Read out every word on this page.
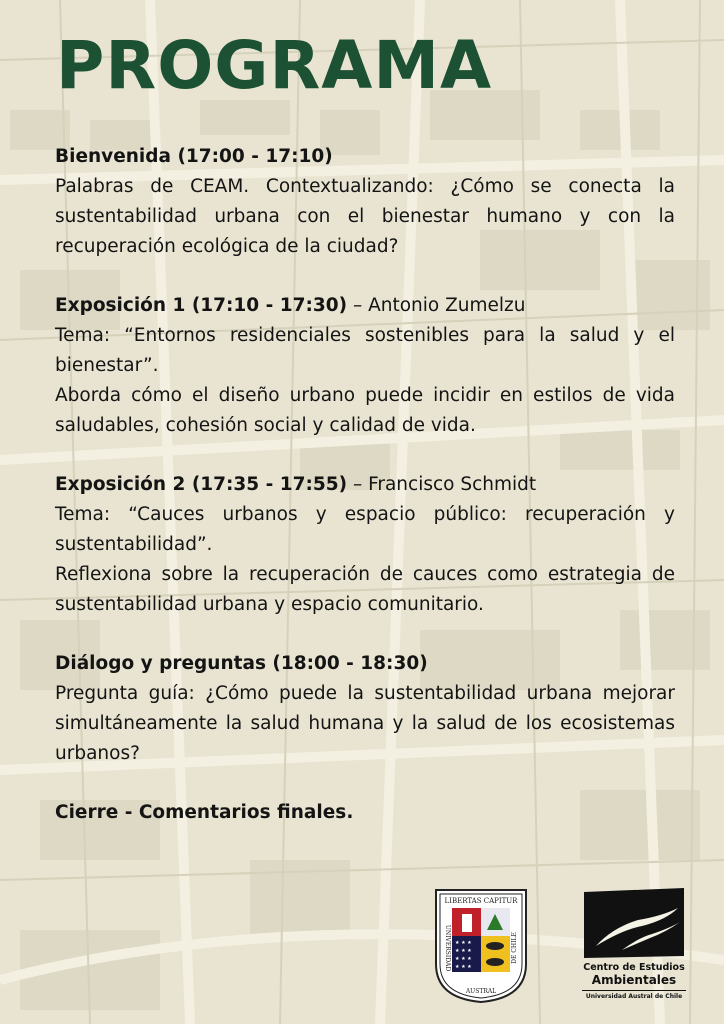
PROGRAMA

Bienvenida (17:00 - 17:10)

Palabras de CEAM. Contextualizando: ¿Cómo se conecta la sustentabilidad urbana con el bienestar humano y con la recuperación ecológica de la ciudad?

Exposición 1 (17:10 - 17:30) – Antonio Zumelzu

Tema: “Entornos residenciales sostenibles para la salud y el bienestar”.

Aborda cómo el diseño urbano puede incidir en estilos de vida saludables, cohesión social y calidad de vida.

Exposición 2 (17:35 - 17:55) – Francisco Schmidt

Tema: “Cauces urbanos y espacio público: recuperación y sustentabilidad”.

Reflexiona sobre la recuperación de cauces como estrategia de sustentabilidad urbana y espacio comunitario.

Diálogo y preguntas (18:00 - 18:30)

Pregunta guía: ¿Cómo puede la sustentabilidad urbana mejorar simultáneamente la salud humana y la salud de los ecosistemas urbanos?

Cierre - Comentarios finales.

LIBERTAS CAPITUR
UNIVERSIDAD
AUSTRAL
DE CHILE
★ ★ ★
★ ★ ★
★ ★ ★
★ ★ ★	Centro de Estudios
Ambientales
Universidad Austral de Chile
